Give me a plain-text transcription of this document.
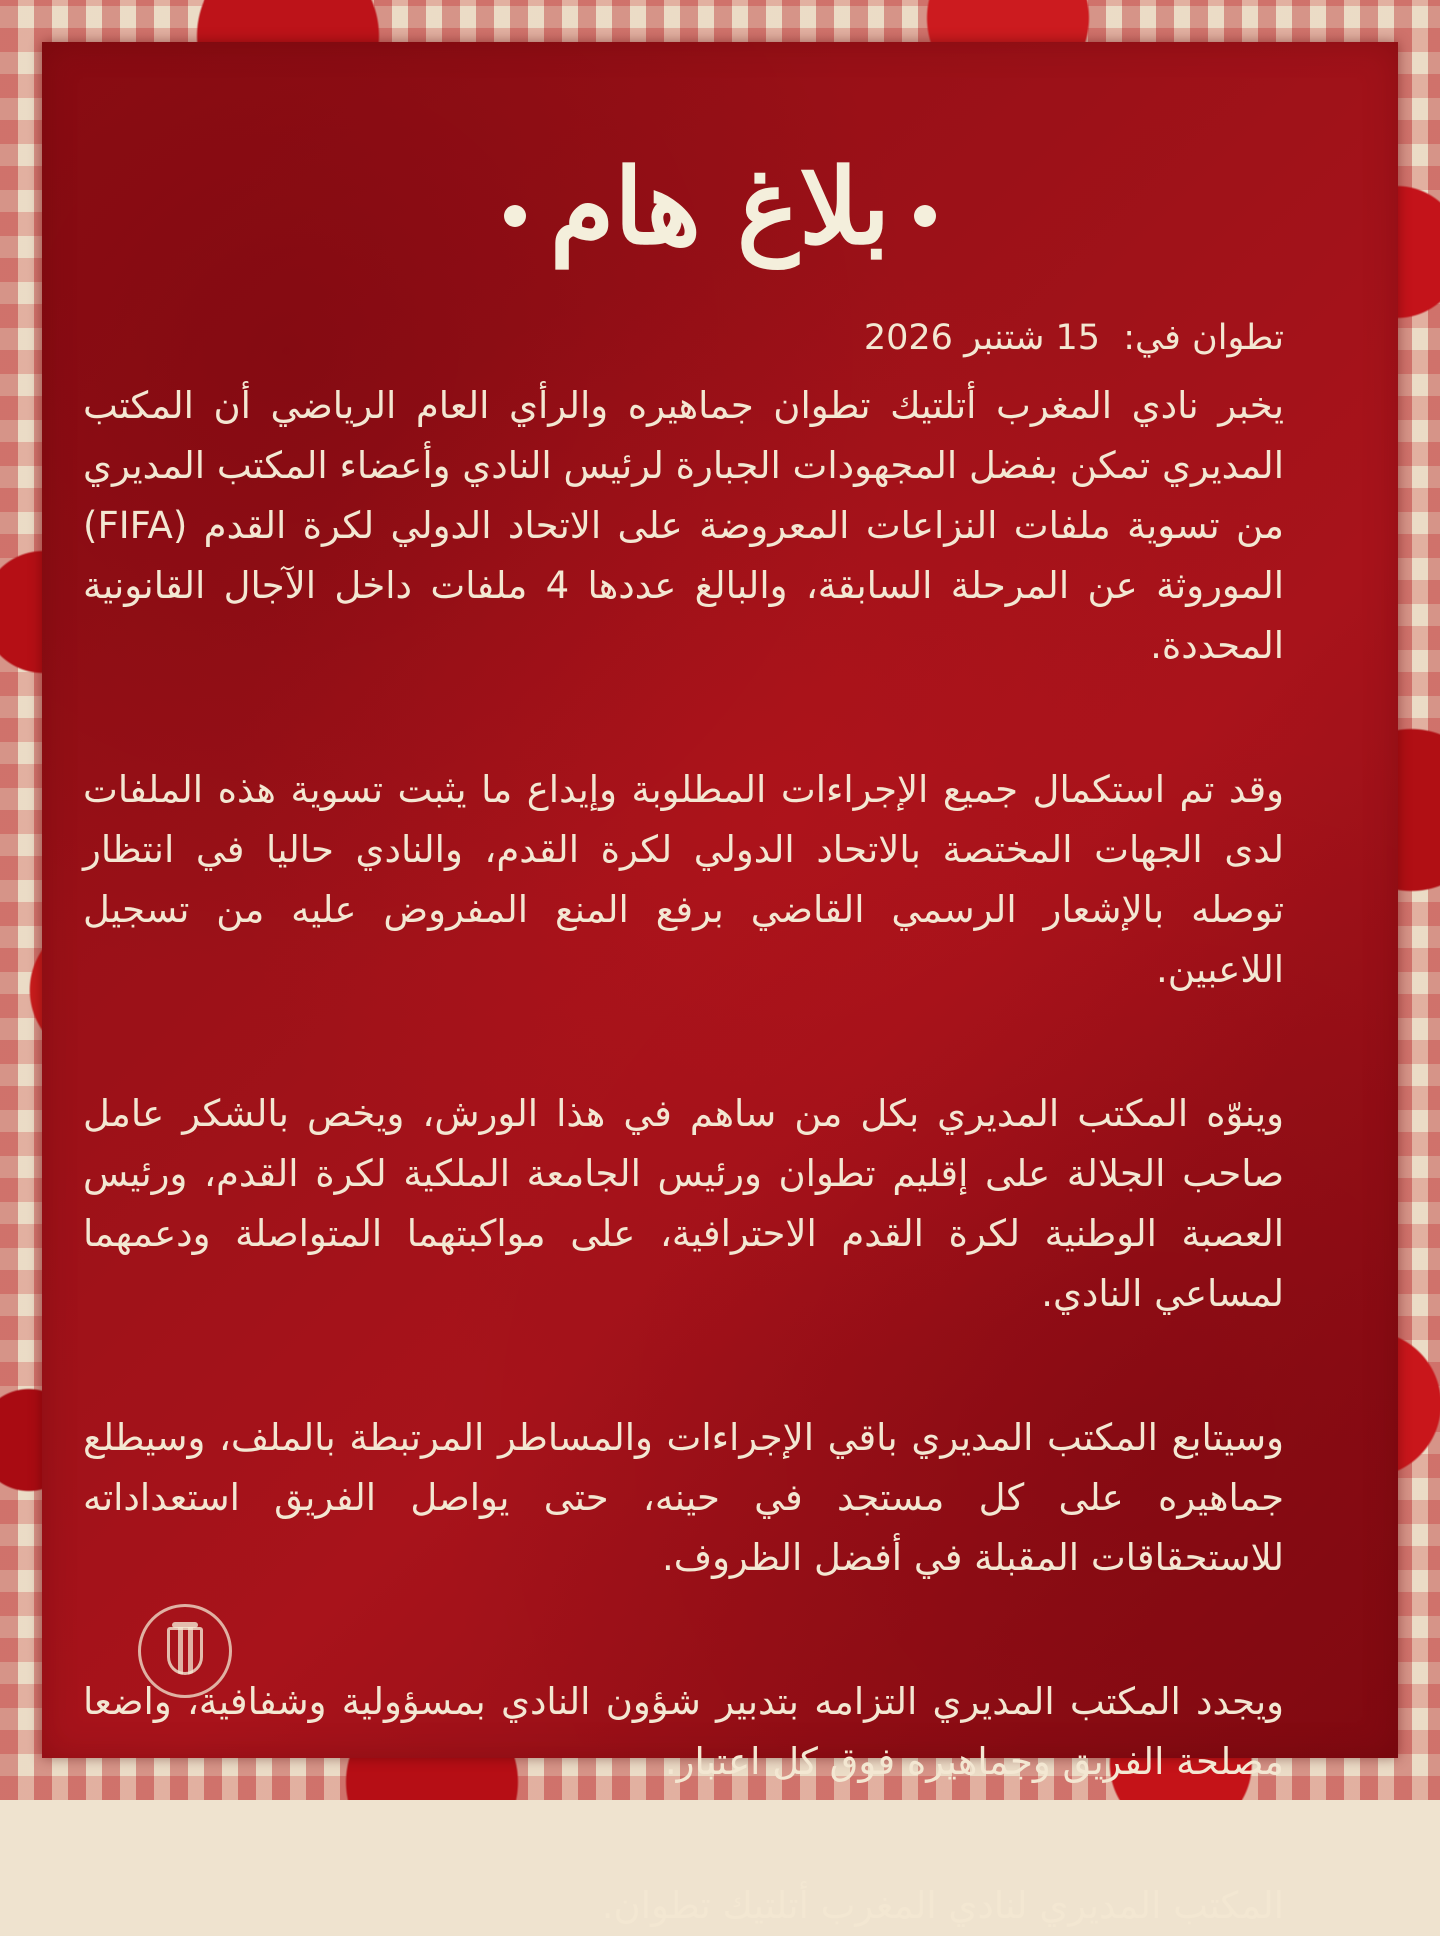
بلاغ هام
تطوان في: 15 شتنبر 2026

يخبر نادي المغرب أتلتيك تطوان جماهيره والرأي العام الرياضي أن المكتب المديري تمكن بفضل المجهودات الجبارة لرئيس النادي وأعضاء المكتب المديري من تسوية ملفات النزاعات المعروضة على الاتحاد الدولي لكرة القدم (FIFA) الموروثة عن المرحلة السابقة، والبالغ عددها 4 ملفات داخل الآجال القانونية المحددة.

وقد تم استكمال جميع الإجراءات المطلوبة وإيداع ما يثبت تسوية هذه الملفات لدى الجهات المختصة بالاتحاد الدولي لكرة القدم، والنادي حاليا في انتظار توصله بالإشعار الرسمي القاضي برفع المنع المفروض عليه من تسجيل اللاعبين.

وينوّه المكتب المديري بكل من ساهم في هذا الورش، ويخص بالشكر عامل صاحب الجلالة على إقليم تطوان ورئيس الجامعة الملكية لكرة القدم، ورئيس العصبة الوطنية لكرة القدم الاحترافية، على مواكبتهما المتواصلة ودعمهما لمساعي النادي.

وسيتابع المكتب المديري باقي الإجراءات والمساطر المرتبطة بالملف، وسيطلع جماهيره على كل مستجد في حينه، حتى يواصل الفريق استعداداته للاستحقاقات المقبلة في أفضل الظروف.

ويجدد المكتب المديري التزامه بتدبير شؤون النادي بمسؤولية وشفافية، واضعا مصلحة الفريق وجماهيره فوق كل اعتبار.

المكتب المديري لنادي المغرب أتلتيك تطوان.
